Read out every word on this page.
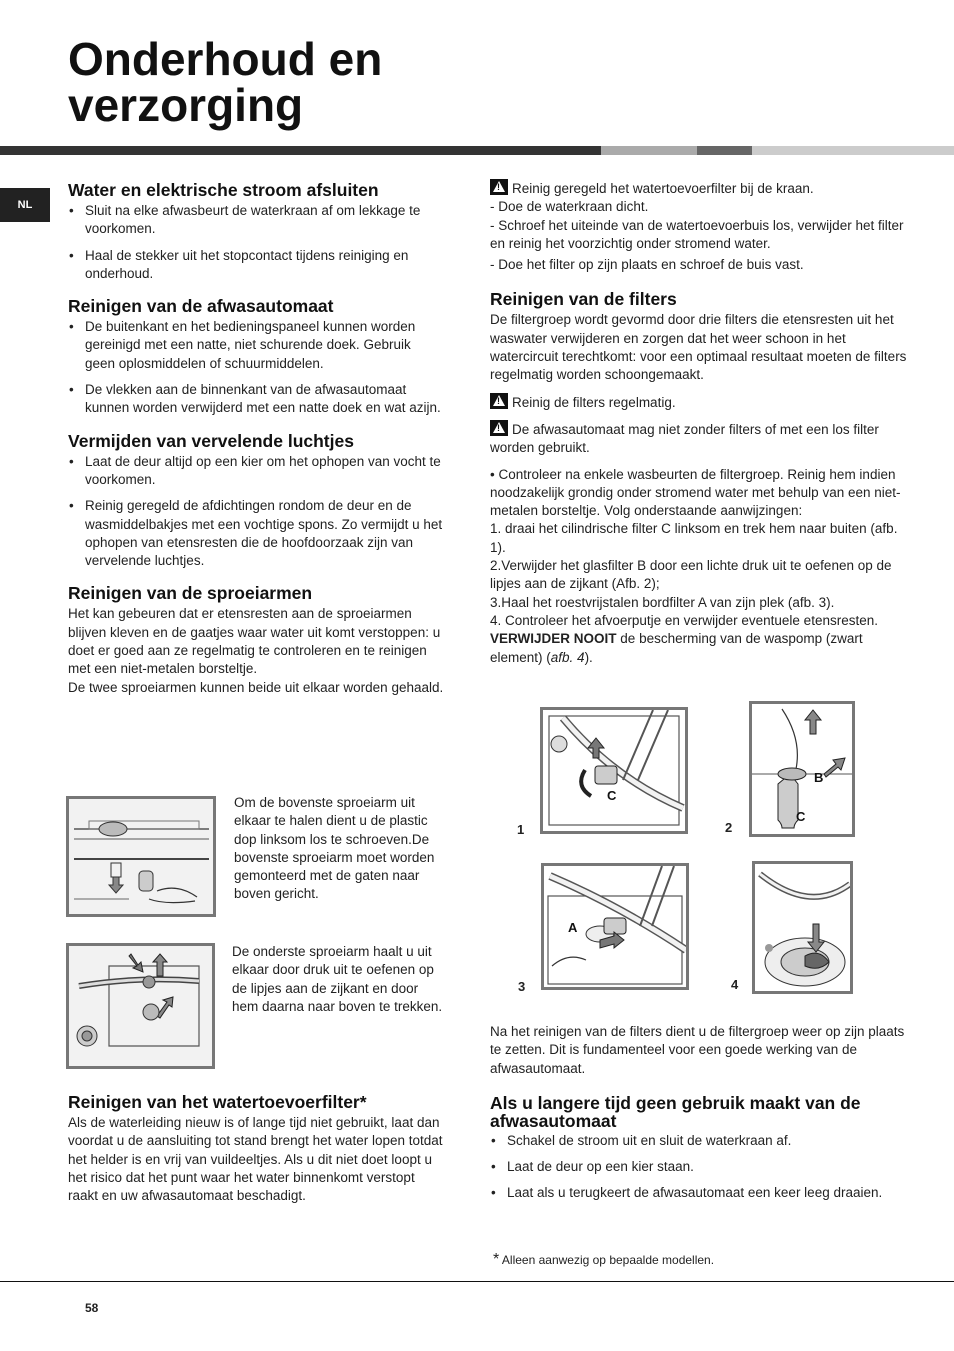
Onderhoud en
verzorging
NL
Water en elektrische stroom afsluiten
• Sluit na elke afwasbeurt de waterkraan af om lekkage te voorkomen.
• Haal de stekker uit het stopcontact tijdens reiniging en onderhoud.
Reinigen van de afwasautomaat
• De buitenkant en het bedieningspaneel kunnen worden gereinigd met een natte, niet schurende doek. Gebruik geen oplosmiddelen of schuurmiddelen.
• De vlekken aan de binnenkant van de afwasautomaat kunnen worden verwijderd met een natte doek en wat azijn.
Vermijden van vervelende luchtjes
• Laat de deur altijd op een kier om het ophopen van vocht te voorkomen.
• Reinig geregeld de afdichtingen rondom de deur en de wasmiddelbakjes met een vochtige spons. Zo vermijdt u het ophopen van etensresten die de hoofdoorzaak zijn van vervelende luchtjes.
Reinigen van de sproeiarmen

Het kan gebeuren dat er etensresten aan de sproeiarmen blijven kleven en de gaatjes waar water uit komt verstoppen: u doet er goed aan ze regelmatig te controleren en te reinigen met een niet-metalen borsteltje.

De twee sproeiarmen kunnen beide uit elkaar worden gehaald.

Om de bovenste sproeiarm uit elkaar te halen dient u de plastic dop linksom los te schroeven.De bovenste sproeiarm moet worden gemonteerd met de gaten naar boven gericht.
De onderste sproeiarm haalt u uit elkaar door druk uit te oefenen op de lipjes aan de zijkant en door hem daarna naar boven te trekken.
Reinigen van het watertoevoerfilter*

Als de waterleiding nieuw is of lange tijd niet gebruikt, laat dan voordat u de aansluiting tot stand brengt het water lopen totdat het helder is en vrij van vuildeeltjes. Als u dit niet doet loopt u het risico dat het punt waar het water binnenkomt verstopt raakt en uw afwasautomaat beschadigt.

!Reinig geregeld het watertoevoerfilter bij de kraan.

- Doe de waterkraan dicht.

- Schroef het uiteinde van de watertoevoerbuis los, verwijder het filter en reinig het voorzichtig onder stromend water.

- Doe het filter op zijn plaats en schroef de buis vast.

Reinigen van de filters

De filtergroep wordt gevormd door drie filters die etensresten uit het waswater verwijderen en zorgen dat het weer schoon in het watercircuit terechtkomt: voor een optimaal resultaat moeten de filters regelmatig worden schoongemaakt.

!Reinig de filters regelmatig.

!De afwasautomaat mag niet zonder filters of met een los filter worden gebruikt.

• Controleer na enkele wasbeurten de filtergroep. Reinig hem indien noodzakelijk grondig onder stromend water met behulp van een niet-metalen borsteltje. Volg onderstaande aanwijzingen:

1. draai het cilindrische filter C linksom en trek hem naar buiten (afb. 1).

2.Verwijder het glasfilter B door een lichte druk uit te oefenen op de lipjes aan de zijkant (Afb. 2);

3.Haal het roestvrijstalen bordfilter A van zijn plek (afb. 3).

4. Controleer het afvoerputje en verwijder eventuele etensresten. VERWIJDER NOOIT de bescherming van de waspomp (zwart element) (afb. 4).

C
1
B
C
2
A
3	4

Na het reinigen van de filters dient u de filtergroep weer op zijn plaats te zetten. Dit is fundamenteel voor een goede werking van de afwasautomaat.

Als u langere tijd geen gebruik maakt van de afwasautomaat
• Schakel de stroom uit en sluit de waterkraan af.
• Laat de deur op een kier staan.
• Laat als u terugkeert de afwasautomaat een keer leeg draaien.
* Alleen aanwezig op bepaalde modellen.
58
